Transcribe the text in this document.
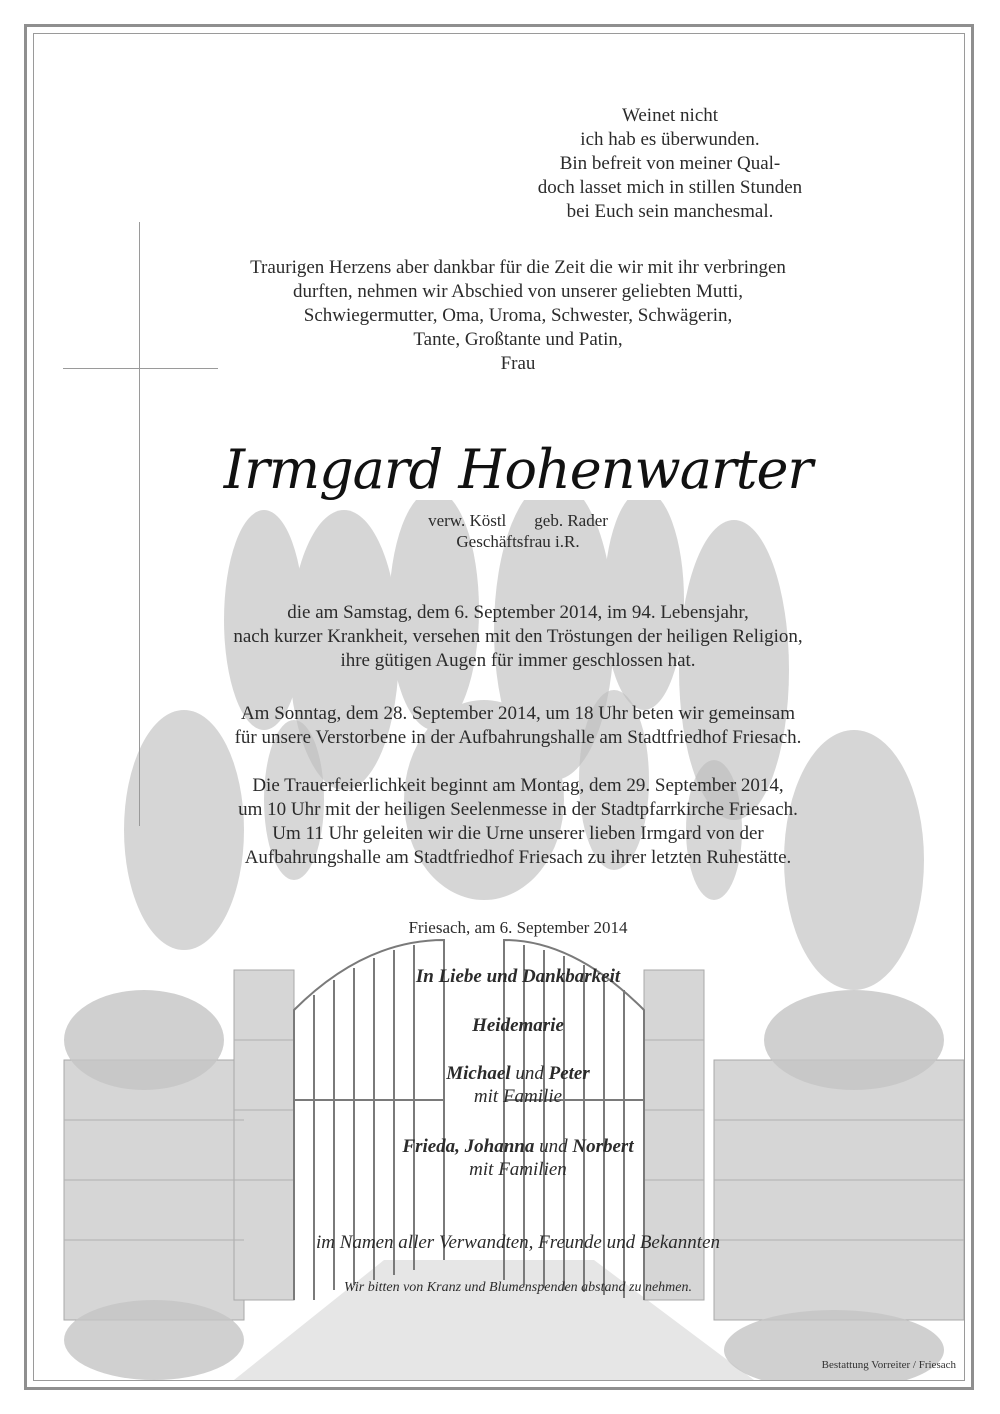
Weinet nicht
ich hab es überwunden.
Bin befreit von meiner Qual-
doch lasset mich in stillen Stunden
bei Euch sein manchesmal.
Traurigen Herzens aber dankbar für die Zeit die wir mit ihr verbringen
durften, nehmen wir Abschied von unserer geliebten Mutti,
Schwiegermutter, Oma, Uroma, Schwester, Schwägerin,
Tante, Großtante und Patin,
Frau
Irmgard Hohenwarter
verw. Köstl geb. Rader
Geschäftsfrau i.R.
die am Samstag, dem 6. September 2014, im 94. Lebensjahr,
nach kurzer Krankheit, versehen mit den Tröstungen der heiligen Religion,
ihre gütigen Augen für immer geschlossen hat.
Am Sonntag, dem 28. September 2014, um 18 Uhr beten wir gemeinsam
für unsere Verstorbene in der Aufbahrungshalle am Stadtfriedhof Friesach.
Die Trauerfeierlichkeit beginnt am Montag, dem 29. September 2014,
um 10 Uhr mit der heiligen Seelenmesse in der Stadtpfarrkirche Friesach.
Um 11 Uhr geleiten wir die Urne unserer lieben Irmgard von der
Aufbahrungshalle am Stadtfriedhof Friesach zu ihrer letzten Ruhestätte.
Friesach, am 6. September 2014
In Liebe und Dankbarkeit
Heidemarie
Michael und Peter
mit Familie
Frieda, Johanna und Norbert
mit Familien
im Namen aller Verwandten, Freunde und Bekannten
Wir bitten von Kranz und Blumenspenden abstand zu nehmen.
Bestattung Vorreiter / Friesach
